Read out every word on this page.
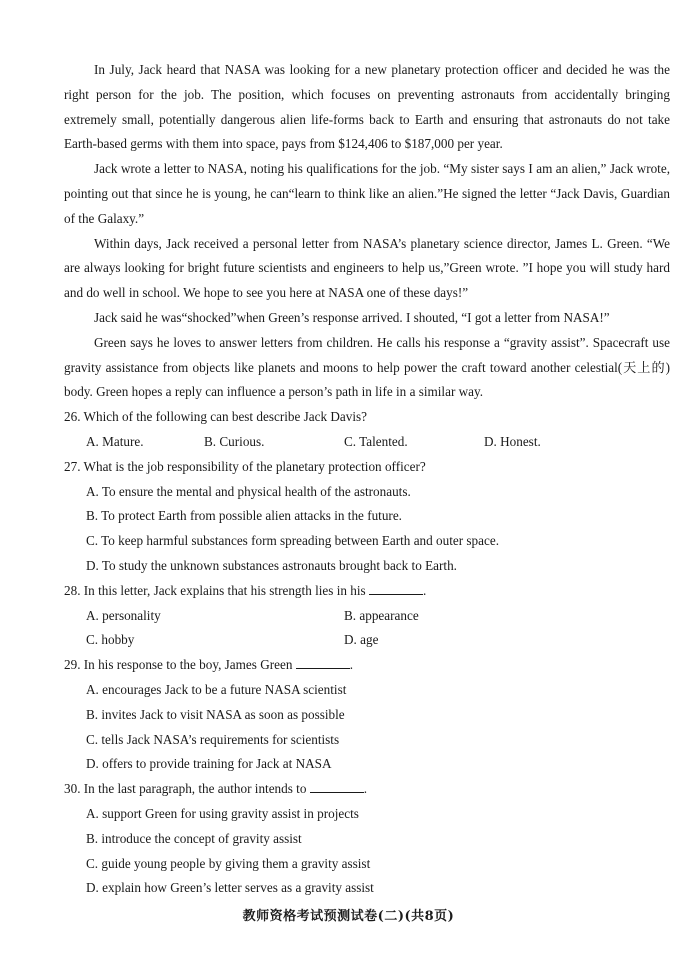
In July, Jack heard that NASA was looking for a new planetary protection officer and decided he was the right person for the job. The position, which focuses on preventing astronauts from accidentally bringing extremely small, potentially dangerous alien life-forms back to Earth and ensuring that astronauts do not take Earth-based germs with them into space, pays from $124,406 to $187,000 per year.

Jack wrote a letter to NASA, noting his qualifications for the job. “My sister says I am an alien,” Jack wrote, pointing out that since he is young, he can“learn to think like an alien.”He signed the letter “Jack Davis, Guardian of the Galaxy.”

Within days, Jack received a personal letter from NASA’s planetary science director, James L. Green. “We are always looking for bright future scientists and engineers to help us,”Green wrote. ”I hope you will study hard and do well in school. We hope to see you here at NASA one of these days!”

Jack said he was“shocked”when Green’s response arrived. I shouted, “I got a letter from NASA!”

Green says he loves to answer letters from children. He calls his response a “gravity assist”. Spacecraft use gravity assistance from objects like planets and moons to help power the craft toward another celestial(天上的) body. Green hopes a reply can influence a person’s path in life in a similar way.

26. Which of the following can best describe Jack Davis?

A. Mature.	B. Curious.	C. Talented.	D. Honest.

27. What is the job responsibility of the planetary protection officer?

A. To ensure the mental and physical health of the astronauts.

B. To protect Earth from possible alien attacks in the future.

C. To keep harmful substances form spreading between Earth and outer space.

D. To study the unknown substances astronauts brought back to Earth.

28. In this letter, Jack explains that his strength lies in his	.

A. personality	B. appearance
C. hobby	D. age

29. In his response to the boy, James Green	.

A. encourages Jack to be a future NASA scientist

B. invites Jack to visit NASA as soon as possible

C. tells Jack NASA’s requirements for scientists

D. offers to provide training for Jack at NASA

30. In the last paragraph, the author intends to	.

A. support Green for using gravity assist in projects

B. introduce the concept of gravity assist

C. guide young people by giving them a gravity assist

D. explain how Green’s letter serves as a gravity assist

教师资格考试预测试卷(二)(共8页)
